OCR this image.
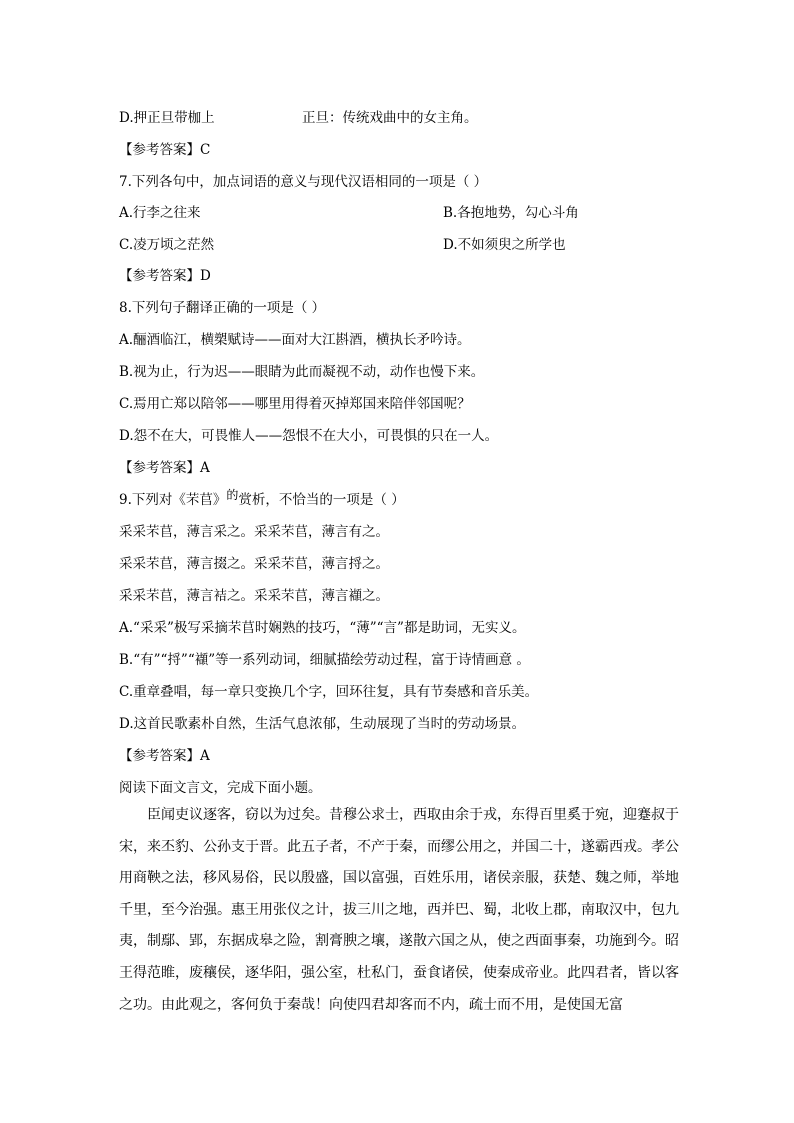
D.押正旦带枷上	正旦：传统戏曲中的女主角。
【参考答案】C
7.下列各句中，加点词语的意义与现代汉语相同的一项是（ ）
A.行李之往来	B.各抱地势，勾心斗角
C.凌万顷之茫然	D.不如须臾之所学也
【参考答案】D
8.下列句子翻译正确的一项是（ ）
A.酾酒临江，横槊赋诗——面对大江斟酒，横执长矛吟诗。
B.视为止，行为迟——眼睛为此而凝视不动，动作也慢下来。
C.焉用亡郑以陪邻——哪里用得着灭掉郑国来陪伴邻国呢？
D.怨不在大，可畏惟人——怨恨不在大小，可畏惧的只在一人。
【参考答案】A
9.下列对《芣苢》的赏析，不恰当的一项是（ ）
采采芣苢，薄言采之。采采芣苢，薄言有之。
采采芣苢，薄言掇之。采采芣苢，薄言捋之。
采采芣苢，薄言袺之。采采芣苢，薄言襭之。
A.“采采”极写采摘芣苢时娴熟的技巧，“薄”“言”都是助词，无实义。
B.“有”“捋”“襭”等一系列动词，细腻描绘劳动过程，富于诗情画意 。
C.重章叠唱，每一章只变换几个字，回环往复，具有节奏感和音乐美。
D.这首民歌素朴自然，生活气息浓郁，生动展现了当时的劳动场景。
【参考答案】A
阅读下面文言文，完成下面小题。
臣闻吏议逐客，窃以为过矣。昔穆公求士，西取由余于戎，东得百里奚于宛，迎蹇叔于宋，来丕豹、公孙支于晋。此五子者，不产于秦，而缪公用之，并国二十，遂霸西戎。孝公用商鞅之法，移风易俗，民以殷盛，国以富强，百姓乐用，诸侯亲服，获楚、魏之师，举地千里，至今治强。惠王用张仪之计，拔三川之地，西并巴、蜀，北收上郡，南取汉中，包九夷，制鄢、郢，东据成皋之险，割膏腴之壤，遂散六国之从，使之西面事秦，功施到今。昭王得范睢，废穰侯，逐华阳，强公室，杜私门，蚕食诸侯，使秦成帝业。此四君者，皆以客之功。由此观之，客何负于秦哉！向使四君却客而不内，疏士而不用，是使国无富
